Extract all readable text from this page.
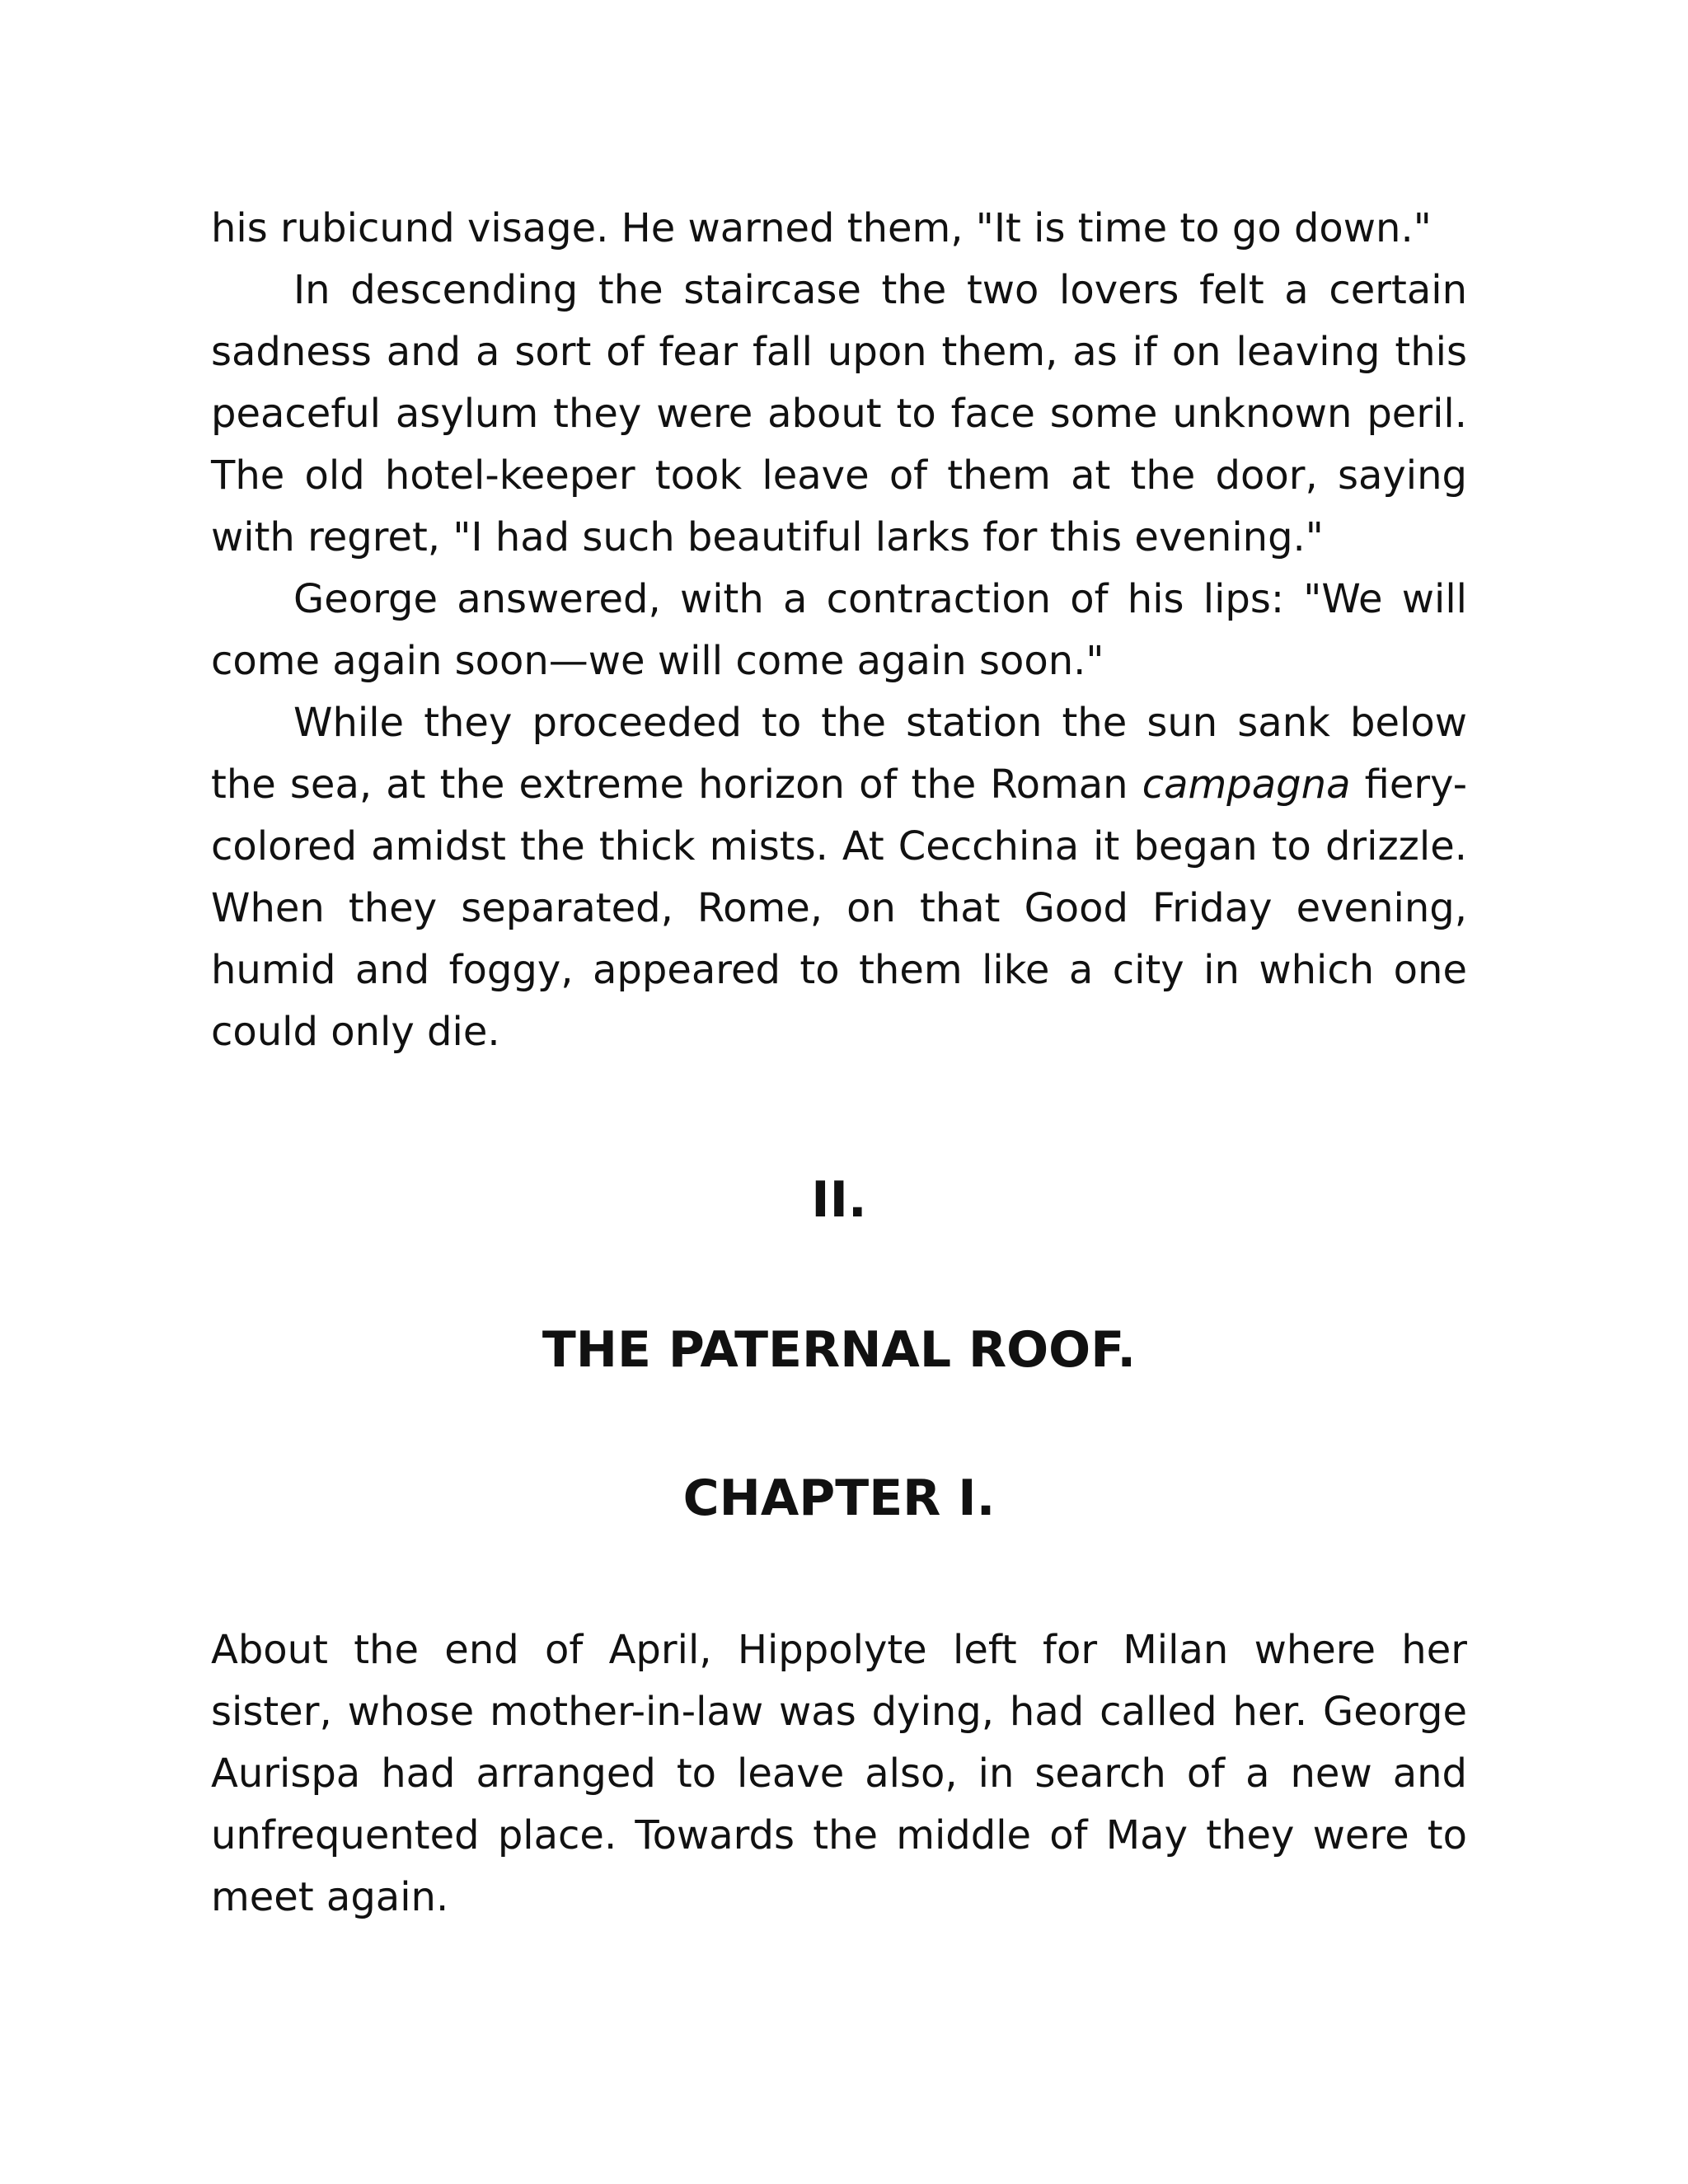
his rubicund visage. He warned them, "It is time to go down."

In descending the staircase the two lovers felt a certain sadness and a sort of fear fall upon them, as if on leaving this peaceful asylum they were about to face some unknown peril. The old hotel-keeper took leave of them at the door, saying with regret, "I had such beautiful larks for this evening."

George answered, with a contraction of his lips: "We will come again soon—we will come again soon."

While they proceeded to the station the sun sank below the sea, at the extreme horizon of the Roman campagna fiery-colored amidst the thick mists. At Cecchina it began to drizzle. When they separated, Rome, on that Good Friday evening, humid and foggy, appeared to them like a city in which one could only die.

II.
THE PATERNAL ROOF.
CHAPTER I.

About the end of April, Hippolyte left for Milan where her sister, whose mother-in-law was dying, had called her. George Aurispa had arranged to leave also, in search of a new and unfrequented place. Towards the middle of May they were to meet again.
